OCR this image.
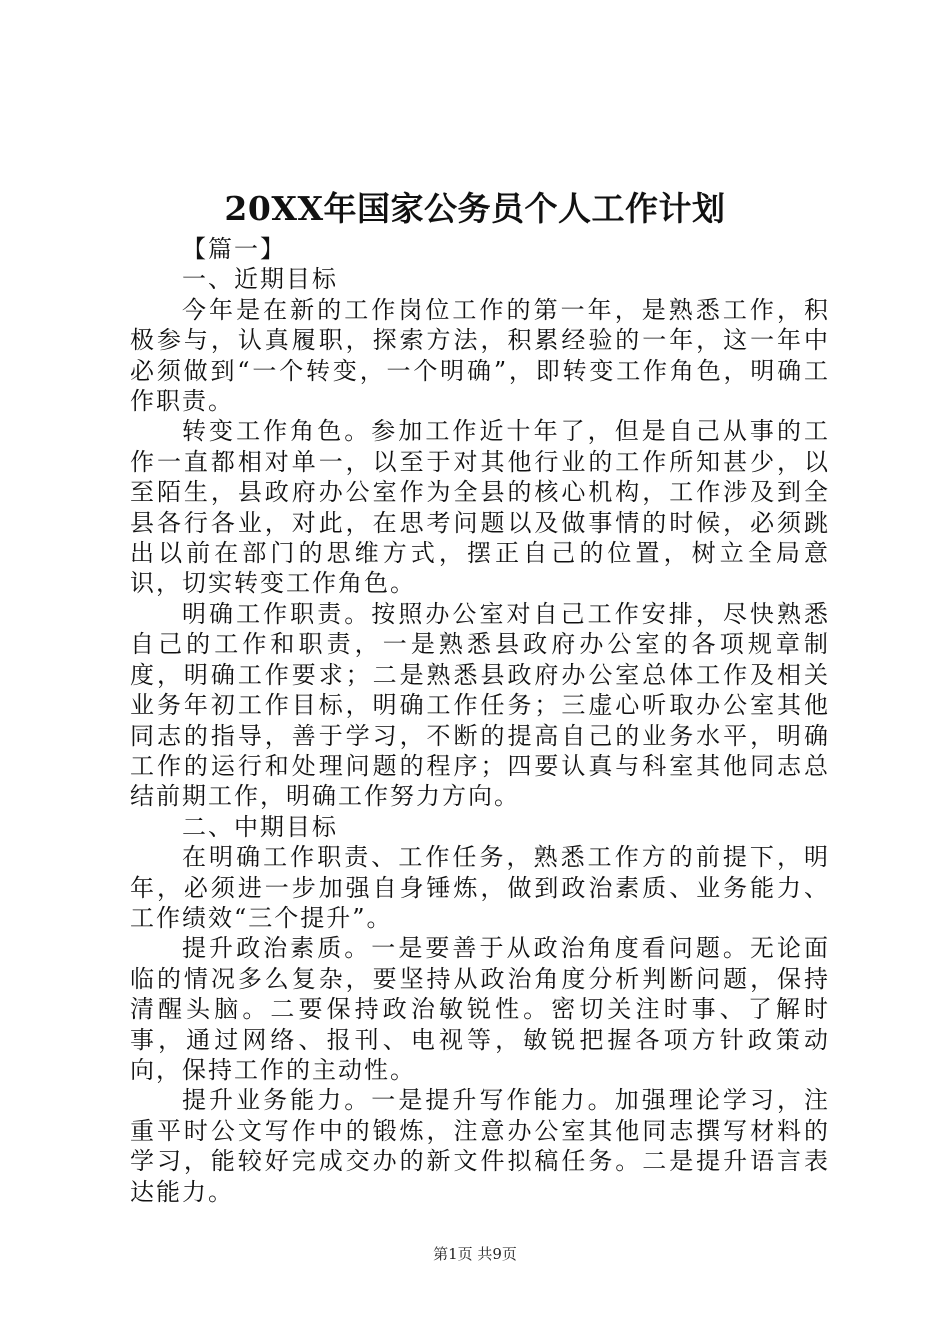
20XX年国家公务员个人工作计划

【篇一】

一、近期目标

今年是在新的工作岗位工作的第一年，是熟悉工作，积极参与，认真履职，探索方法，积累经验的一年，这一年中必须做到“一个转变，一个明确”，即转变工作角色，明确工作职责。

转变工作角色。参加工作近十年了，但是自己从事的工作一直都相对单一，以至于对其他行业的工作所知甚少，以至陌生，县政府办公室作为全县的核心机构，工作涉及到全县各行各业，对此，在思考问题以及做事情的时候，必须跳出以前在部门的思维方式，摆正自己的位置，树立全局意识，切实转变工作角色。

明确工作职责。按照办公室对自己工作安排，尽快熟悉自己的工作和职责，一是熟悉县政府办公室的各项规章制度，明确工作要求；二是熟悉县政府办公室总体工作及相关业务年初工作目标，明确工作任务；三虚心听取办公室其他同志的指导，善于学习，不断的提高自己的业务水平，明确工作的运行和处理问题的程序；四要认真与科室其他同志总结前期工作，明确工作努力方向。

二、中期目标

在明确工作职责、工作任务，熟悉工作方的前提下，明年，必须进一步加强自身锤炼，做到政治素质、业务能力、工作绩效“三个提升”。

提升政治素质。一是要善于从政治角度看问题。无论面临的情况多么复杂，要坚持从政治角度分析判断问题，保持清醒头脑。二要保持政治敏锐性。密切关注时事、了解时事，通过网络、报刊、电视等，敏锐把握各项方针政策动向，保持工作的主动性。

提升业务能力。一是提升写作能力。加强理论学习，注重平时公文写作中的锻炼，注意办公室其他同志撰写材料的学习，能较好完成交办的新文件拟稿任务。二是提升语言表达能力。

第1页 共9页
